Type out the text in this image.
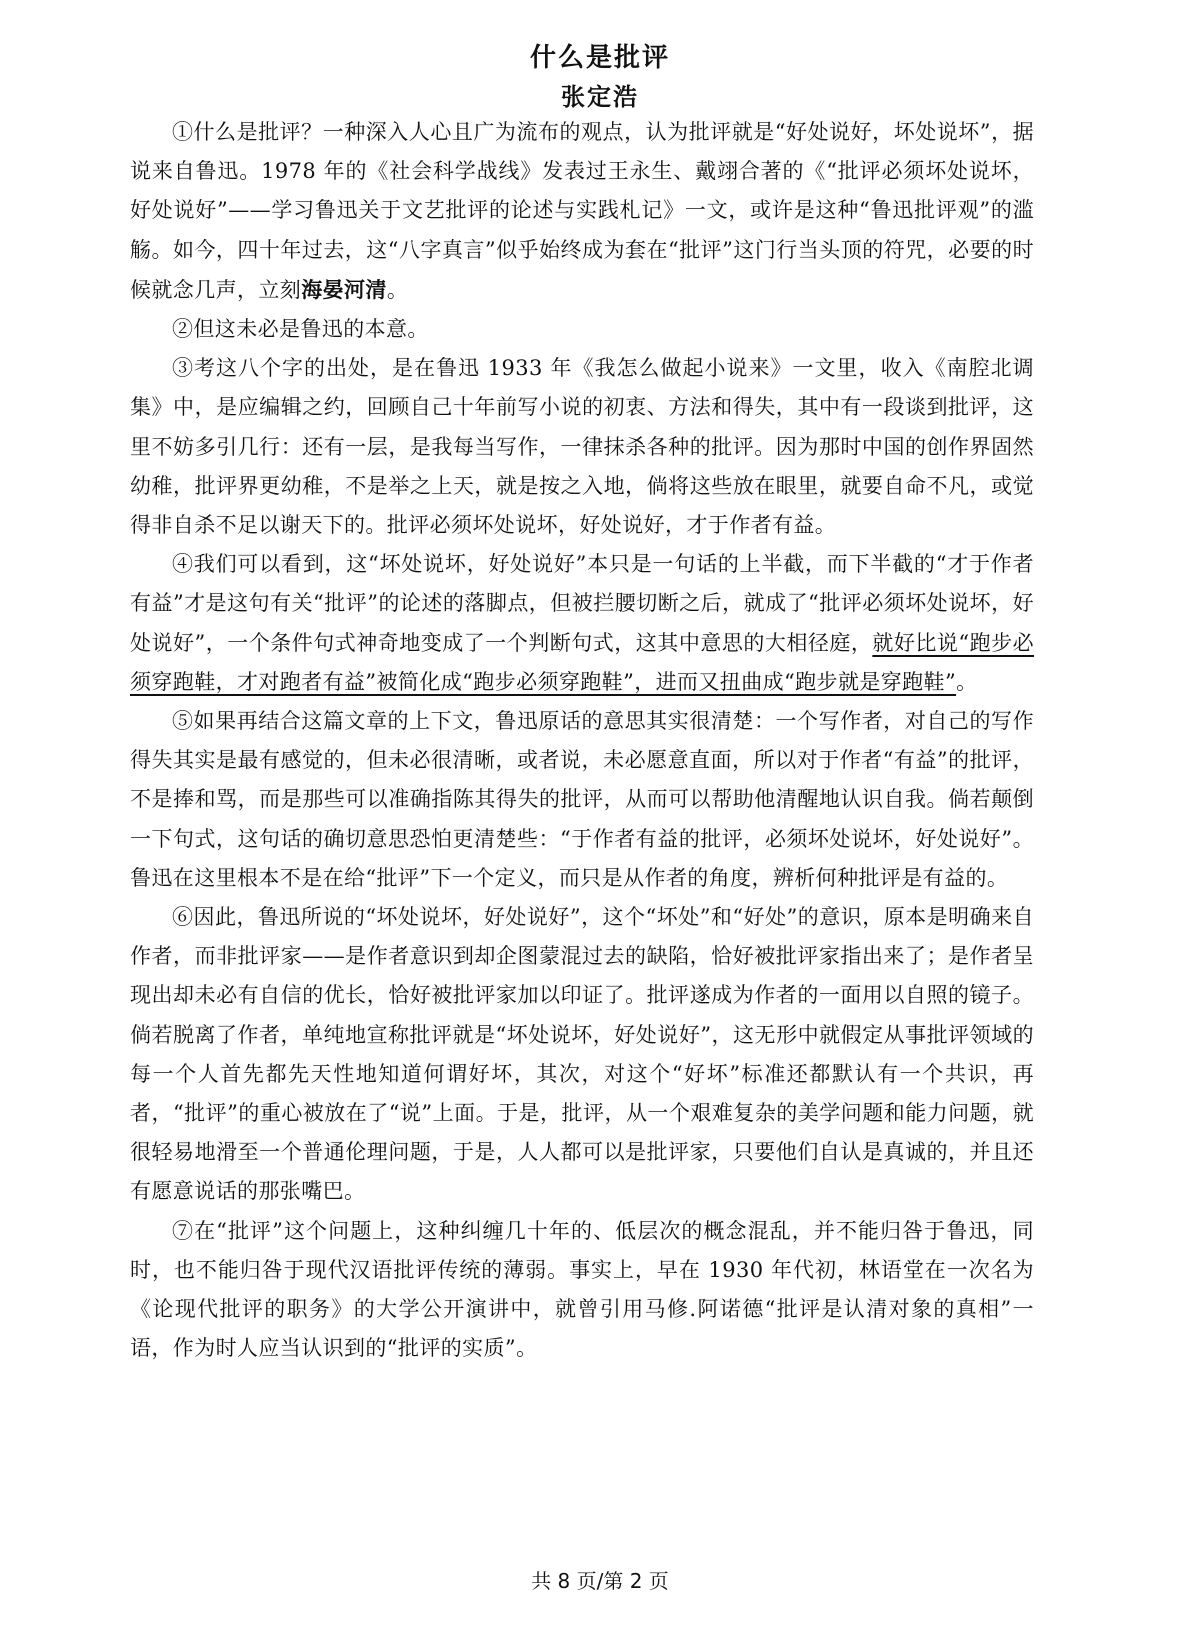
什么是批评
张定浩

①什么是批评？一种深入人心且广为流布的观点，认为批评就是“好处说好，坏处说坏”，据说来自鲁迅。1978 年的《社会科学战线》发表过王永生、戴翊合著的《“批评必须坏处说坏，好处说好”——学习鲁迅关于文艺批评的论述与实践札记》一文，或许是这种“鲁迅批评观”的滥觞。如今，四十年过去，这“八字真言”似乎始终成为套在“批评”这门行当头顶的符咒，必要的时候就念几声，立刻海晏河清。

②但这未必是鲁迅的本意。

③考这八个字的出处，是在鲁迅 1933 年《我怎么做起小说来》一文里，收入《南腔北调集》中，是应编辑之约，回顾自己十年前写小说的初衷、方法和得失，其中有一段谈到批评，这里不妨多引几行：还有一层，是我每当写作，一律抹杀各种的批评。因为那时中国的创作界固然幼稚，批评界更幼稚，不是举之上天，就是按之入地，倘将这些放在眼里，就要自命不凡，或觉得非自杀不足以谢天下的。批评必须坏处说坏，好处说好，才于作者有益。

④我们可以看到，这“坏处说坏，好处说好”本只是一句话的上半截，而下半截的“才于作者有益”才是这句有关“批评”的论述的落脚点，但被拦腰切断之后，就成了“批评必须坏处说坏，好处说好”，一个条件句式神奇地变成了一个判断句式，这其中意思的大相径庭，就好比说“跑步必须穿跑鞋，才对跑者有益”被简化成“跑步必须穿跑鞋”，进而又扭曲成“跑步就是穿跑鞋”。

⑤如果再结合这篇文章的上下文，鲁迅原话的意思其实很清楚：一个写作者，对自己的写作得失其实是最有感觉的，但未必很清晰，或者说，未必愿意直面，所以对于作者“有益”的批评，不是捧和骂，而是那些可以准确指陈其得失的批评，从而可以帮助他清醒地认识自我。倘若颠倒一下句式，这句话的确切意思恐怕更清楚些：“于作者有益的批评，必须坏处说坏，好处说好”。鲁迅在这里根本不是在给“批评”下一个定义，而只是从作者的角度，辨析何种批评是有益的。

⑥因此，鲁迅所说的“坏处说坏，好处说好”，这个“坏处”和“好处”的意识，原本是明确来自作者，而非批评家——是作者意识到却企图蒙混过去的缺陷，恰好被批评家指出来了；是作者呈现出却未必有自信的优长，恰好被批评家加以印证了。批评遂成为作者的一面用以自照的镜子。倘若脱离了作者，单纯地宣称批评就是“坏处说坏，好处说好”，这无形中就假定从事批评领域的每一个人首先都先天性地知道何谓好坏，其次，对这个“好坏”标准还都默认有一个共识，再者，“批评”的重心被放在了“说”上面。于是，批评，从一个艰难复杂的美学问题和能力问题，就很轻易地滑至一个普通伦理问题，于是，人人都可以是批评家，只要他们自认是真诚的，并且还有愿意说话的那张嘴巴。

⑦在“批评”这个问题上，这种纠缠几十年的、低层次的概念混乱，并不能归咎于鲁迅，同时，也不能归咎于现代汉语批评传统的薄弱。事实上，早在 1930 年代初，林语堂在一次名为《论现代批评的职务》的大学公开演讲中，就曾引用马修.阿诺德“批评是认清对象的真相”一语，作为时人应当认识到的“批评的实质”。

共 8 页/第 2 页
